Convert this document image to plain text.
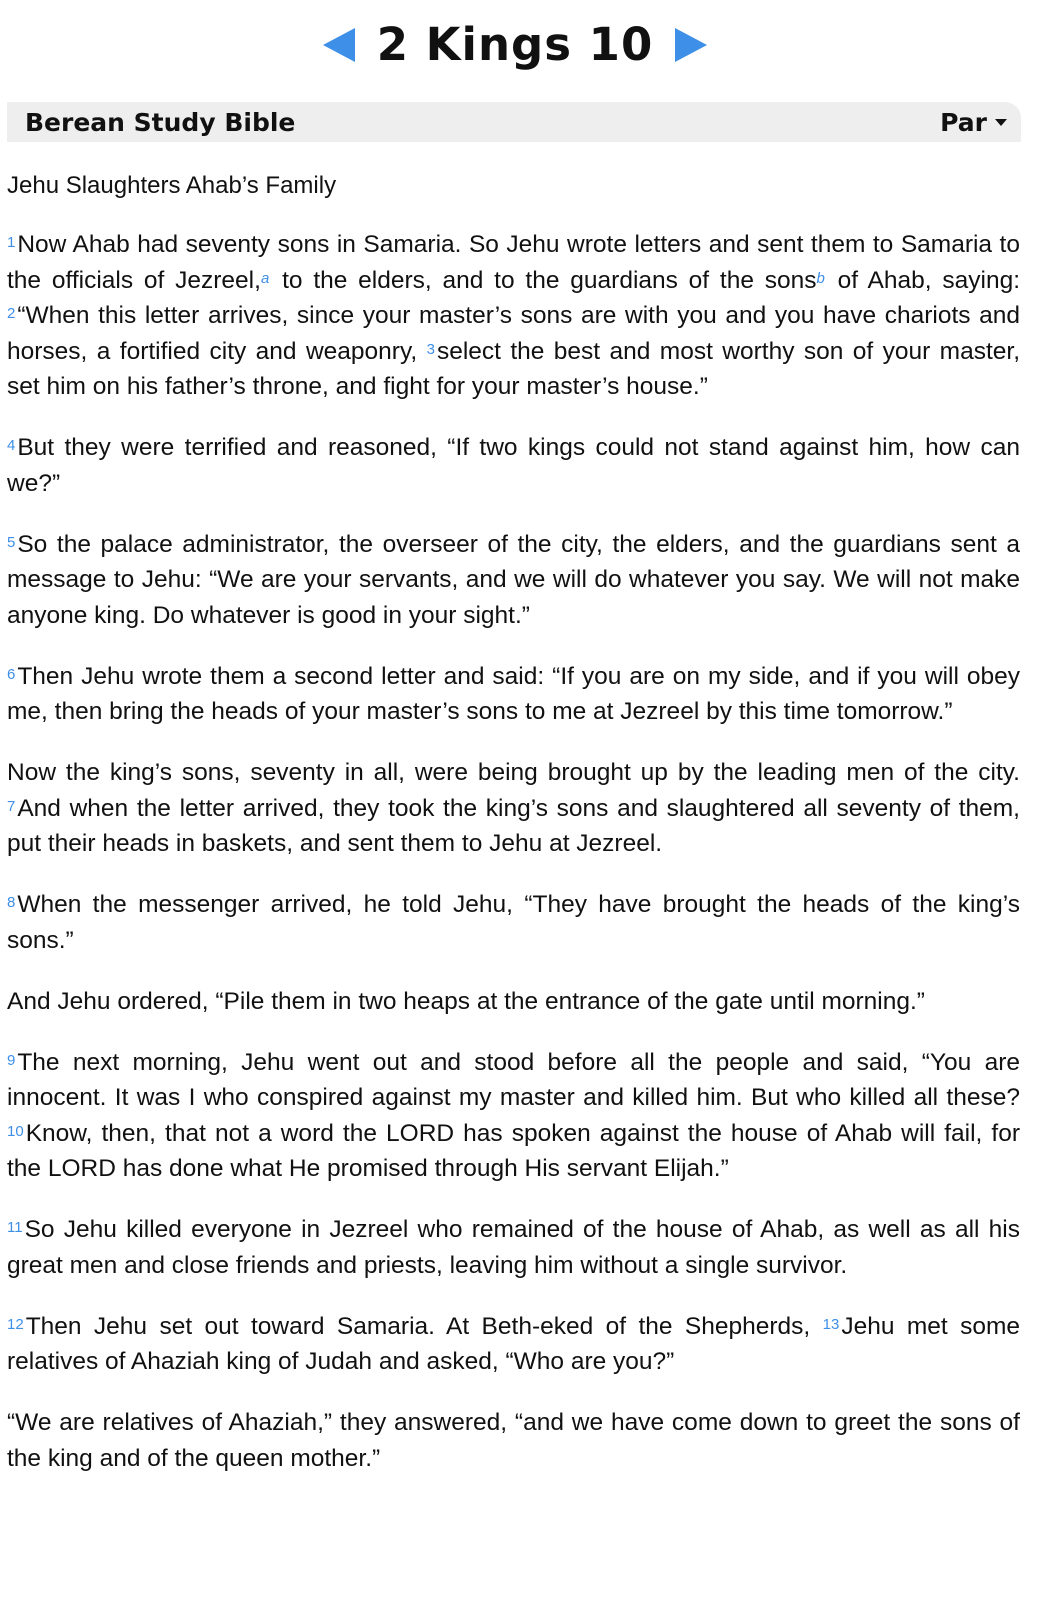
2 Kings 10
Berean Study Bible	Par
Jehu Slaughters Ahab’s Family

$^1$Now Ahab had seventy sons in Samaria. So Jehu wrote letters and sent them to Samaria to the officials of Jezreel,$^a$ to the elders, and to the guardians of the sons$^b$ of Ahab, saying: $^2$“When this letter arrives, since your master’s sons are with you and you have chariots and horses, a fortified city and weaponry, $^3$select the best and most worthy son of your master, set him on his father’s throne, and fight for your master’s house.”

$^4$But they were terrified and reasoned, “If two kings could not stand against him, how can we?”

$^5$So the palace administrator, the overseer of the city, the elders, and the guardians sent a message to Jehu: “We are your servants, and we will do whatever you say. We will not make anyone king. Do whatever is good in your sight.”

$^6$Then Jehu wrote them a second letter and said: “If you are on my side, and if you will obey me, then bring the heads of your master’s sons to me at Jezreel by this time tomorrow.”

Now the king’s sons, seventy in all, were being brought up by the leading men of the city. $^7$And when the letter arrived, they took the king’s sons and slaughtered all seventy of them, put their heads in baskets, and sent them to Jehu at Jezreel.

$^8$When the messenger arrived, he told Jehu, “They have brought the heads of the king’s sons.”

And Jehu ordered, “Pile them in two heaps at the entrance of the gate until morning.”

$^9$The next morning, Jehu went out and stood before all the people and said, “You are innocent. It was I who conspired against my master and killed him. But who killed all these? $^{10}$Know, then, that not a word the LORD has spoken against the house of Ahab will fail, for the LORD has done what He promised through His servant Elijah.”

$^{11}$So Jehu killed everyone in Jezreel who remained of the house of Ahab, as well as all his great men and close friends and priests, leaving him without a single survivor.

$^{12}$Then Jehu set out toward Samaria. At Beth-eked of the Shepherds, $^{13}$Jehu met some relatives of Ahaziah king of Judah and asked, “Who are you?”

“We are relatives of Ahaziah,” they answered, “and we have come down to greet the sons of the king and of the queen mother.”
